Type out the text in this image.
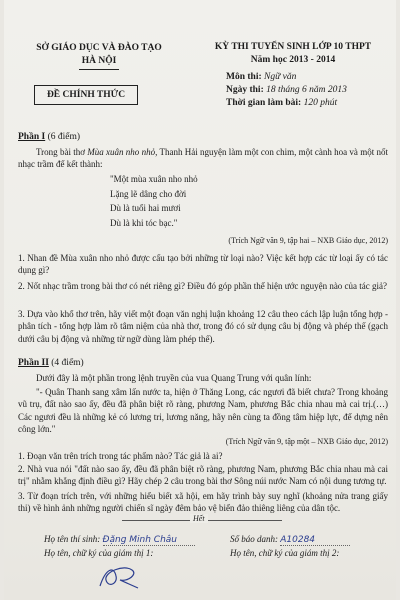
SỞ GIÁO DỤC VÀ ĐÀO TẠO
HÀ NỘI
ĐỀ CHÍNH THỨC
KỲ THI TUYỂN SINH LỚP 10 THPT
Năm học 2013 - 2014
Môn thi: Ngữ văn
Ngày thi: 18 tháng 6 năm 2013
Thời gian làm bài: 120 phút
Phần I (6 điểm)
Trong bài thơ Mùa xuân nho nhỏ, Thanh Hải nguyện làm một con chim, một cành hoa và một nốt nhạc trầm để kết thành:
"Một mùa xuân nho nhỏ
Lặng lẽ dâng cho đời
Dù là tuổi hai mươi
Dù là khi tóc bạc."
(Trích Ngữ văn 9, tập hai – NXB Giáo dục, 2012)
1. Nhan đề Mùa xuân nho nhỏ được cấu tạo bởi những từ loại nào? Việc kết hợp các từ loại ấy có tác dụng gì?
2. Nốt nhạc trầm trong bài thơ có nét riêng gì? Điều đó góp phần thể hiện ước nguyện nào của tác giả?
3. Dựa vào khổ thơ trên, hãy viết một đoạn văn nghị luận khoảng 12 câu theo cách lập luận tổng hợp - phân tích - tổng hợp làm rõ tâm niệm của nhà thơ, trong đó có sử dụng câu bị động và phép thế (gạch dưới câu bị động và những từ ngữ dùng làm phép thế).
Phần II (4 điểm)
Dưới đây là một phần trong lệnh truyền của vua Quang Trung với quân lính:
"- Quân Thanh sang xâm lấn nước ta, hiện ở Thăng Long, các ngươi đã biết chưa? Trong khoảng vũ trụ, đất nào sao ấy, đều đã phân biệt rõ ràng, phương Nam, phương Bắc chia nhau mà cai trị.(…) Các ngươi đều là những kẻ có lương tri, lương năng, hãy nên cùng ta đồng tâm hiệp lực, để dựng nên công lớn."
(Trích Ngữ văn 9, tập một – NXB Giáo dục, 2012)
1. Đoạn văn trên trích trong tác phẩm nào? Tác giả là ai?
2. Nhà vua nói "đất nào sao ấy, đều đã phân biệt rõ ràng, phương Nam, phương Bắc chia nhau mà cai trị" nhằm khẳng định điều gì? Hãy chép 2 câu trong bài thơ Sông núi nước Nam có nội dung tương tự.
3. Từ đoạn trích trên, với những hiểu biết xã hội, em hãy trình bày suy nghĩ (khoảng nửa trang giấy thi) về hình ảnh những người chiến sĩ ngày đêm bảo vệ biển đảo thiêng liêng của dân tộc.
Hết
Họ tên thí sinh: Đặng Minh Châu	Số báo danh: A10284
Họ tên, chữ ký của giám thị 1:	Họ tên, chữ ký của giám thị 2:
